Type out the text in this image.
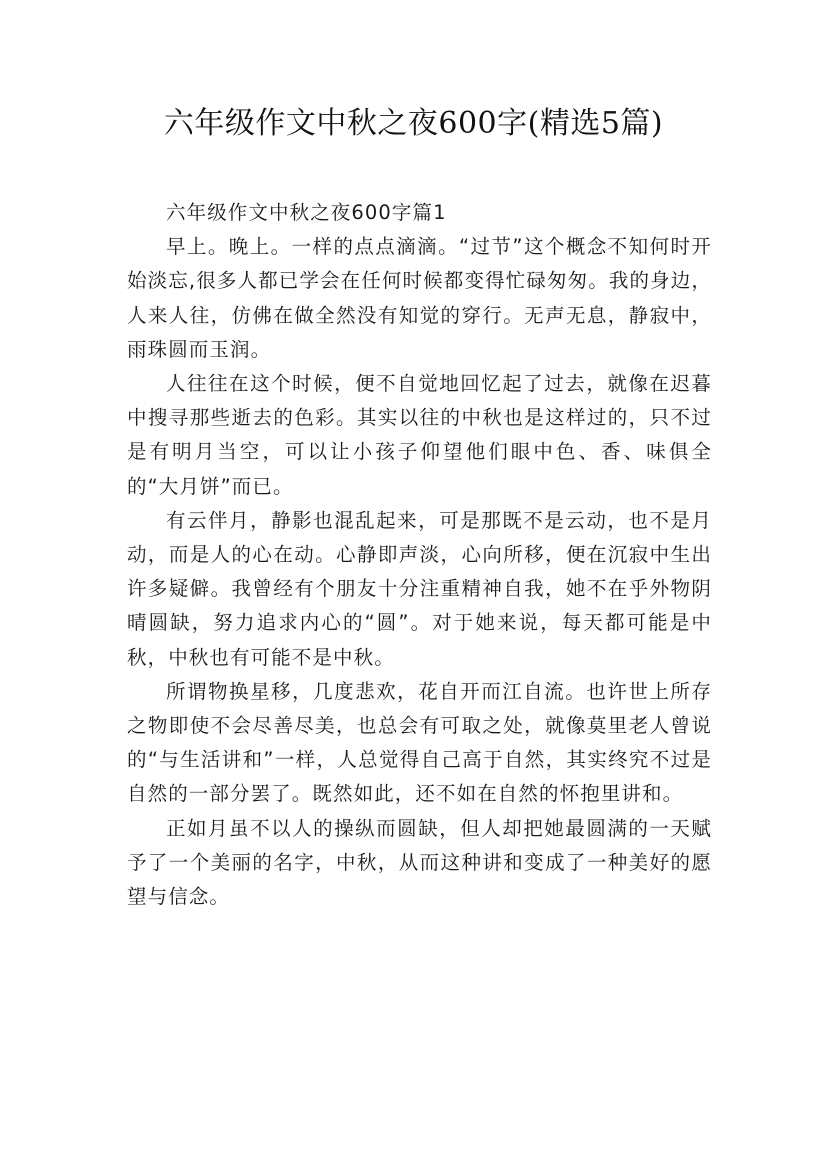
六年级作文中秋之夜600字(精选5篇)
六年级作文中秋之夜600字篇1

早上。晚上。一样的点点滴滴。“过节”这个概念不知何时开始淡忘,很多人都已学会在任何时候都变得忙碌匆匆。我的身边，人来人往，仿佛在做全然没有知觉的穿行。无声无息，静寂中，雨珠圆而玉润。

人往往在这个时候，便不自觉地回忆起了过去，就像在迟暮中搜寻那些逝去的色彩。其实以往的中秋也是这样过的，只不过是有明月当空，可以让小孩子仰望他们眼中色、香、味俱全的“大月饼”而已。

有云伴月，静影也混乱起来，可是那既不是云动，也不是月动，而是人的心在动。心静即声淡，心向所移，便在沉寂中生出许多疑僻。我曾经有个朋友十分注重精神自我，她不在乎外物阴晴圆缺，努力追求内心的“圆”。对于她来说，每天都可能是中秋，中秋也有可能不是中秋。

所谓物换星移，几度悲欢，花自开而江自流。也许世上所存之物即使不会尽善尽美，也总会有可取之处，就像莫里老人曾说的“与生活讲和”一样，人总觉得自己高于自然，其实终究不过是自然的一部分罢了。既然如此，还不如在自然的怀抱里讲和。

正如月虽不以人的操纵而圆缺，但人却把她最圆满的一天赋予了一个美丽的名字，中秋，从而这种讲和变成了一种美好的愿望与信念。
